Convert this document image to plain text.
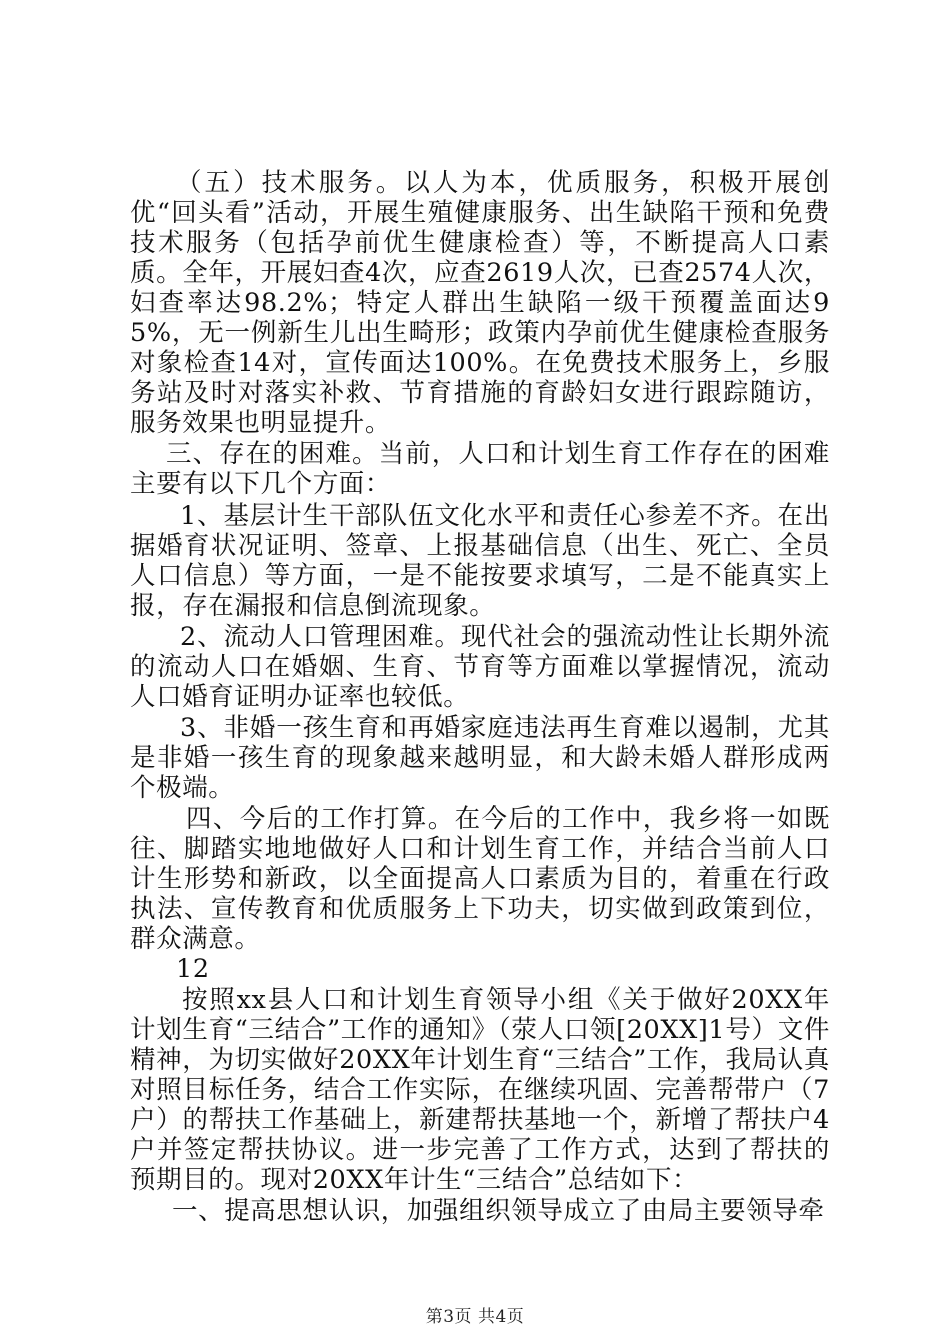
（五）技术服务。以人为本，优质服务，积极开展创优“回头看”活动，开展生殖健康服务、出生缺陷干预和免费技术服务（包括孕前优生健康检查）等，不断提高人口素质。全年，开展妇查4次，应查2619人次，已查2574人次，妇查率达98.2%；特定人群出生缺陷一级干预覆盖面达95%，无一例新生儿出生畸形；政策内孕前优生健康检查服务对象检查14对，宣传面达100%。在免费技术服务上，乡服务站及时对落实补救、节育措施的育龄妇女进行跟踪随访，服务效果也明显提升。

三、存在的困难。当前，人口和计划生育工作存在的困难主要有以下几个方面：

1、基层计生干部队伍文化水平和责任心参差不齐。在出据婚育状况证明、签章、上报基础信息（出生、死亡、全员人口信息）等方面，一是不能按要求填写，二是不能真实上报，存在漏报和信息倒流现象。

2、流动人口管理困难。现代社会的强流动性让长期外流的流动人口在婚姻、生育、节育等方面难以掌握情况，流动人口婚育证明办证率也较低。

3、非婚一孩生育和再婚家庭违法再生育难以遏制，尤其是非婚一孩生育的现象越来越明显，和大龄未婚人群形成两个极端。

四、今后的工作打算。在今后的工作中，我乡将一如既往、脚踏实地地做好人口和计划生育工作，并结合当前人口计生形势和新政，以全面提高人口素质为目的，着重在行政执法、宣传教育和优质服务上下功夫，切实做到政策到位，群众满意。

12

按照xx县人口和计划生育领导小组《关于做好20XX年计划生育“三结合”工作的通知》（荥人口领[20XX]1号）文件精神，为切实做好20XX年计划生育“三结合”工作，我局认真对照目标任务，结合工作实际，在继续巩固、完善帮带户（7户）的帮扶工作基础上，新建帮扶基地一个，新增了帮扶户4户并签定帮扶协议。进一步完善了工作方式，达到了帮扶的预期目的。现对20XX年计生“三结合”总结如下：

一、提高思想认识，加强组织领导成立了由局主要领导牵

第3页 共4页
